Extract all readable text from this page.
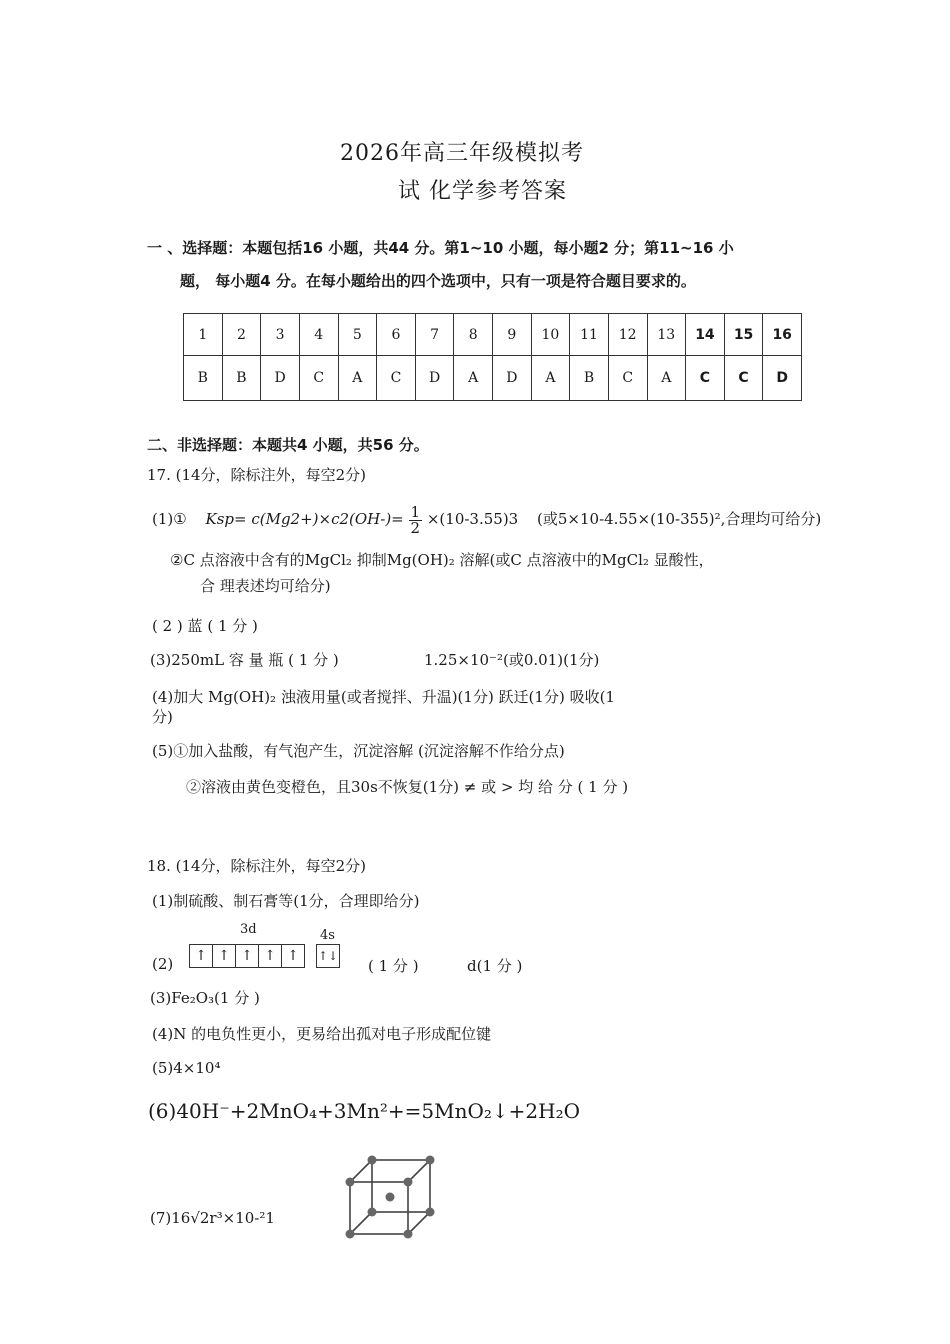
2026年高三年级模拟考
试 化学参考答案
一 、选择题：本题包括16 小题，共44 分。第1~10 小题，每小题2 分；第11~16 小
题， 每小题4 分。在每小题给出的四个选项中，只有一项是符合题目要求的。
1	2	3	4	5	6	7	8	9	10	11	12	13	14	15	16
B	B	D	C	A	C	D	A	D	A	B	C	A	C	C	D
二、非选择题：本题共4 小题，共56 分。
17. (14分，除标注外，每空2分)
(1)① $Ksp= c(Mg2+)\times c2(OH-)= \frac{1}{2} \times(10-3.55)3$ (或5×10-4.55×(10-355)²,合理均可给分)
②C 点溶液中含有的MgCl₂ 抑制Mg(OH)₂ 溶解(或C 点溶液中的MgCl₂ 显酸性，
合 理表述均可给分)
( 2 ) 蓝 ( 1 分 )
(3)250mL 容 量 瓶 ( 1 分 )	1.25×10⁻²(或0.01)(1分)
(4)加大 Mg(OH)₂ 浊液用量(或者搅拌、升温)(1分) 跃迁(1分) 吸收(1
分)
(5)①加入盐酸，有气泡产生，沉淀溶解 (沉淀溶解不作给分点)
②溶液由黄色变橙色，且30s不恢复(1分) ≠ 或 > 均 给 分 ( 1 分 )
18. (14分，除标注外，每空2分)
(1)制硫酸、制石膏等(1分，合理即给分)
(2)
3d	4s
↑ ↑ ↑ ↑ ↑	↑↓
( 1 分 )	d(1 分 )
(3)Fe₂O₃(1 分 )
(4)N 的电负性更小，更易给出孤对电子形成配位键
(5)4×10⁴
(6)40H⁻+2MnO₄+3Mn²+=5MnO₂↓+2H₂O
(7)16√2r³×10-²1
